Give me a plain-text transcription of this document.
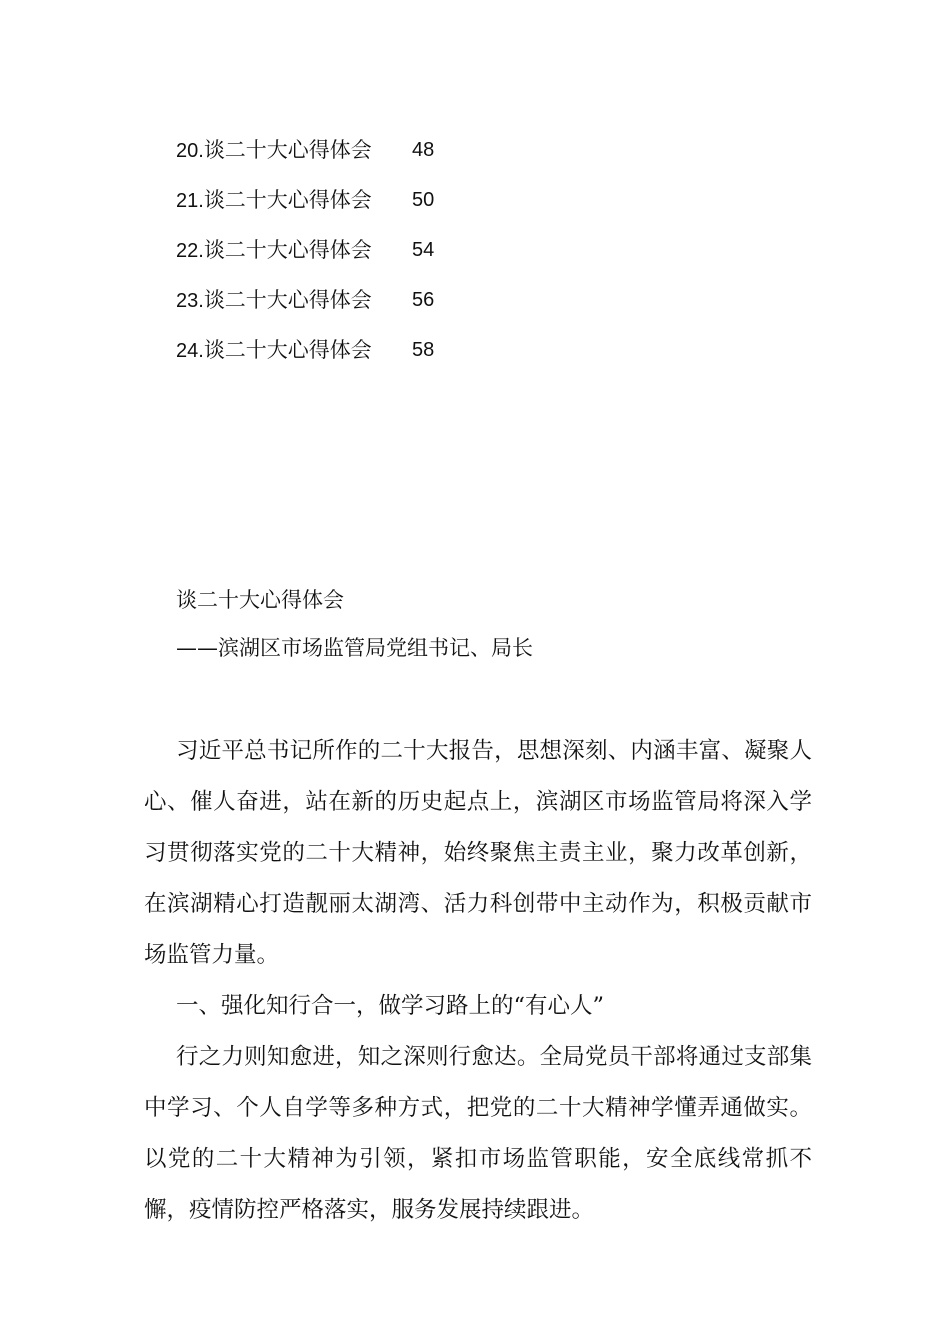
20.谈二十大心得体会	48
21.谈二十大心得体会	50
22.谈二十大心得体会	54
23.谈二十大心得体会	56
24.谈二十大心得体会	58
谈二十大心得体会
——滨湖区市场监管局党组书记、局长

习近平总书记所作的二十大报告，思想深刻、内涵丰富、凝聚人心、催人奋进，站在新的历史起点上，滨湖区市场监管局将深入学习贯彻落实党的二十大精神，始终聚焦主责主业，聚力改革创新，在滨湖精心打造靓丽太湖湾、活力科创带中主动作为，积极贡献市场监管力量。

一、强化知行合一，做学习路上的“有心人”

行之力则知愈进，知之深则行愈达。全局党员干部将通过支部集中学习、个人自学等多种方式，把党的二十大精神学懂弄通做实。以党的二十大精神为引领，紧扣市场监管职能，安全底线常抓不懈，疫情防控严格落实，服务发展持续跟进。
